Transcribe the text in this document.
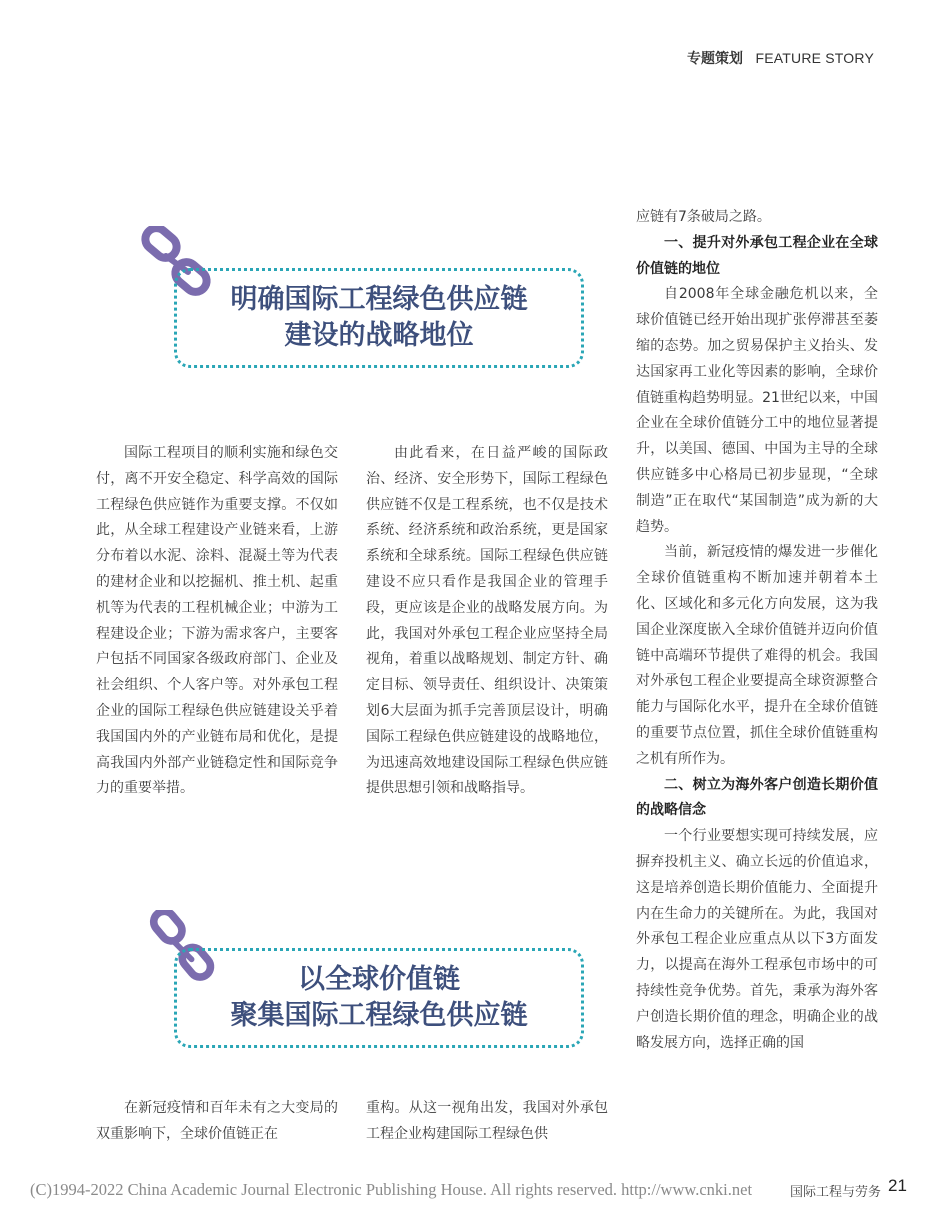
专题策划 FEATURE STORY
明确国际工程绿色供应链
建设的战略地位

国际工程项目的顺利实施和绿色交付，离不开安全稳定、科学高效的国际工程绿色供应链作为重要支撑。不仅如此，从全球工程建设产业链来看，上游分布着以水泥、涂料、混凝土等为代表的建材企业和以挖掘机、推土机、起重机等为代表的工程机械企业；中游为工程建设企业；下游为需求客户，主要客户包括不同国家各级政府部门、企业及社会组织、个人客户等。对外承包工程企业的国际工程绿色供应链建设关乎着我国国内外的产业链布局和优化，是提高我国内外部产业链稳定性和国际竞争力的重要举措。

由此看来，在日益严峻的国际政治、经济、安全形势下，国际工程绿色供应链不仅是工程系统，也不仅是技术系统、经济系统和政治系统，更是国家系统和全球系统。国际工程绿色供应链建设不应只看作是我国企业的管理手段，更应该是企业的战略发展方向。为此，我国对外承包工程企业应坚持全局视角，着重以战略规划、制定方针、确定目标、领导责任、组织设计、决策策划6大层面为抓手完善顶层设计，明确国际工程绿色供应链建设的战略地位，为迅速高效地建设国际工程绿色供应链提供思想引领和战略指导。

以全球价值链
聚集国际工程绿色供应链

在新冠疫情和百年未有之大变局的双重影响下，全球价值链正在

重构。从这一视角出发，我国对外承包工程企业构建国际工程绿色供

应链有7条破局之路。

一、提升对外承包工程企业在全球价值链的地位

自2008年全球金融危机以来，全球价值链已经开始出现扩张停滞甚至萎缩的态势。加之贸易保护主义抬头、发达国家再工业化等因素的影响，全球价值链重构趋势明显。21世纪以来，中国企业在全球价值链分工中的地位显著提升，以美国、德国、中国为主导的全球供应链多中心格局已初步显现，“全球制造”正在取代“某国制造”成为新的大趋势。

当前，新冠疫情的爆发进一步催化全球价值链重构不断加速并朝着本土化、区域化和多元化方向发展，这为我国企业深度嵌入全球价值链并迈向价值链中高端环节提供了难得的机会。我国对外承包工程企业要提高全球资源整合能力与国际化水平，提升在全球价值链的重要节点位置，抓住全球价值链重构之机有所作为。

二、树立为海外客户创造长期价值的战略信念

一个行业要想实现可持续发展，应摒弃投机主义、确立长远的价值追求，这是培养创造长期价值能力、全面提升内在生命力的关键所在。为此，我国对外承包工程企业应重点从以下3方面发力，以提高在海外工程承包市场中的可持续性竞争优势。首先，秉承为海外客户创造长期价值的理念，明确企业的战略发展方向，选择正确的国

(C)1994-2022 China Academic Journal Electronic Publishing House. All rights reserved. http://www.cnki.net	国际工程与劳务 21
